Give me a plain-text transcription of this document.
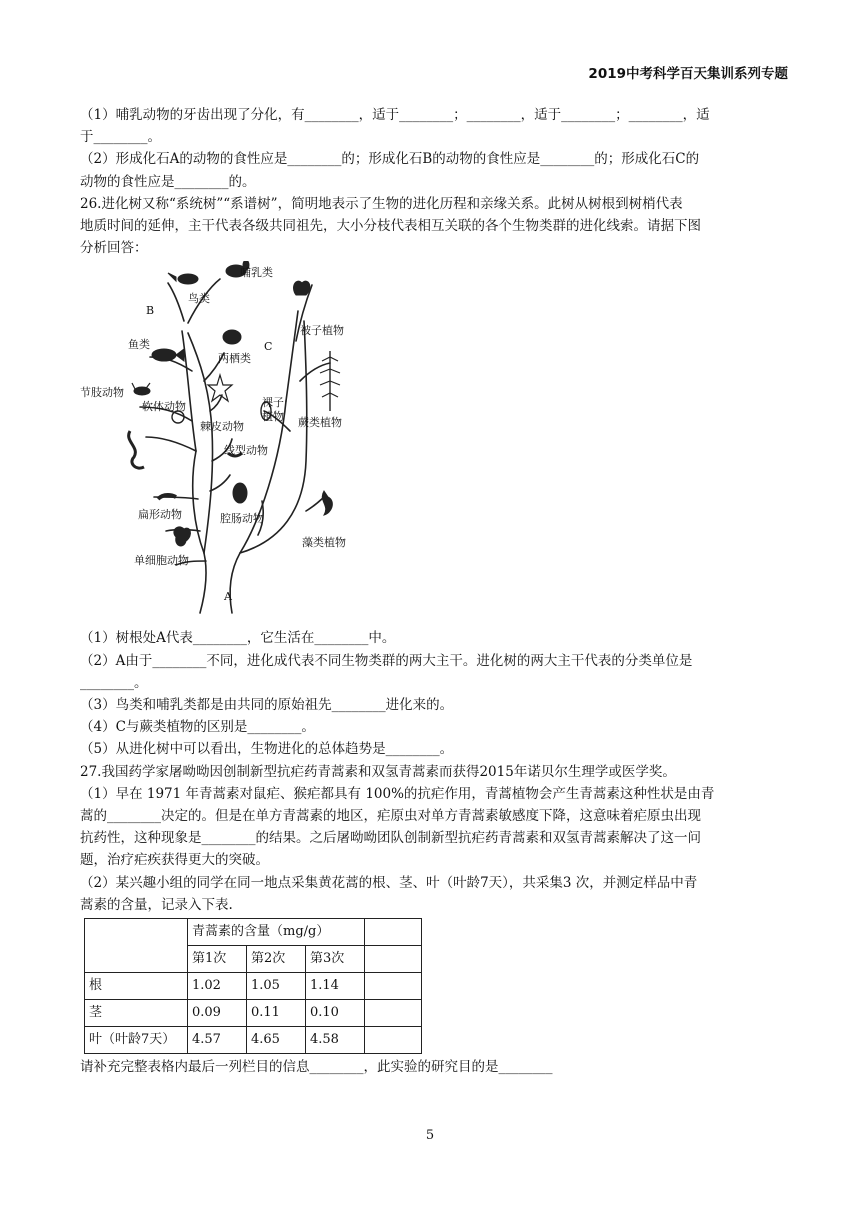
2019中考科学百天集训系列专题

（1）哺乳动物的牙齿出现了分化，有________，适于________；________，适于________；________，适

于________。

（2）形成化石A的动物的食性应是________的；形成化石B的动物的食性应是________的；形成化石C的

动物的食性应是________的。

26.进化树又称“系统树”“系谱树”，简明地表示了生物的进化历程和亲缘关系。此树从树根到树梢代表

地质时间的延伸，主干代表各级共同祖先，大小分枝代表相互关联的各个生物类群的进化线索。请据下图

分析回答：

哺乳类
鸟类
B
鱼类
两栖类
C
被子植物
节肢动物
软体动物	裸子
植物 蕨类植物
棘皮动物
线型动物
扁形动物	腔肠动物
藻类植物
单细胞动物
A

（1）树根处A代表________，它生活在________中。

（2）A由于________不同，进化成代表不同生物类群的两大主干。进化树的两大主干代表的分类单位是

________。

（3）鸟类和哺乳类都是由共同的原始祖先________进化来的。

（4）C与蕨类植物的区别是________。

（5）从进化树中可以看出，生物进化的总体趋势是________。

27.我国药学家屠呦呦因创制新型抗疟药青蒿素和双氢青蒿素而获得2015年诺贝尔生理学或医学奖。

（1）早在 1971 年青蒿素对鼠疟、猴疟都具有 100%的抗疟作用，青蒿植物会产生青蒿素这种性状是由青

蒿的________决定的。但是在单方青蒿素的地区，疟原虫对单方青蒿素敏感度下降，这意味着疟原虫出现

抗药性，这种现象是________的结果。之后屠呦呦团队创制新型抗疟药青蒿素和双氢青蒿素解决了这一问

题，治疗疟疾获得更大的突破。

（2）某兴趣小组的同学在同一地点采集黄花蒿的根、茎、叶（叶龄7天），共采集3 次，并测定样品中青

蒿素的含量，记录入下表.

	青蒿素的含量（mg/g）			
	第1次	第2次	第3次	
根	1.02	1.05	1.14	
茎	0.09	0.11	0.10	
叶（叶龄7天）	4.57	4.65	4.58	

请补充完整表格内最后一列栏目的信息________，此实验的研究目的是________

5
